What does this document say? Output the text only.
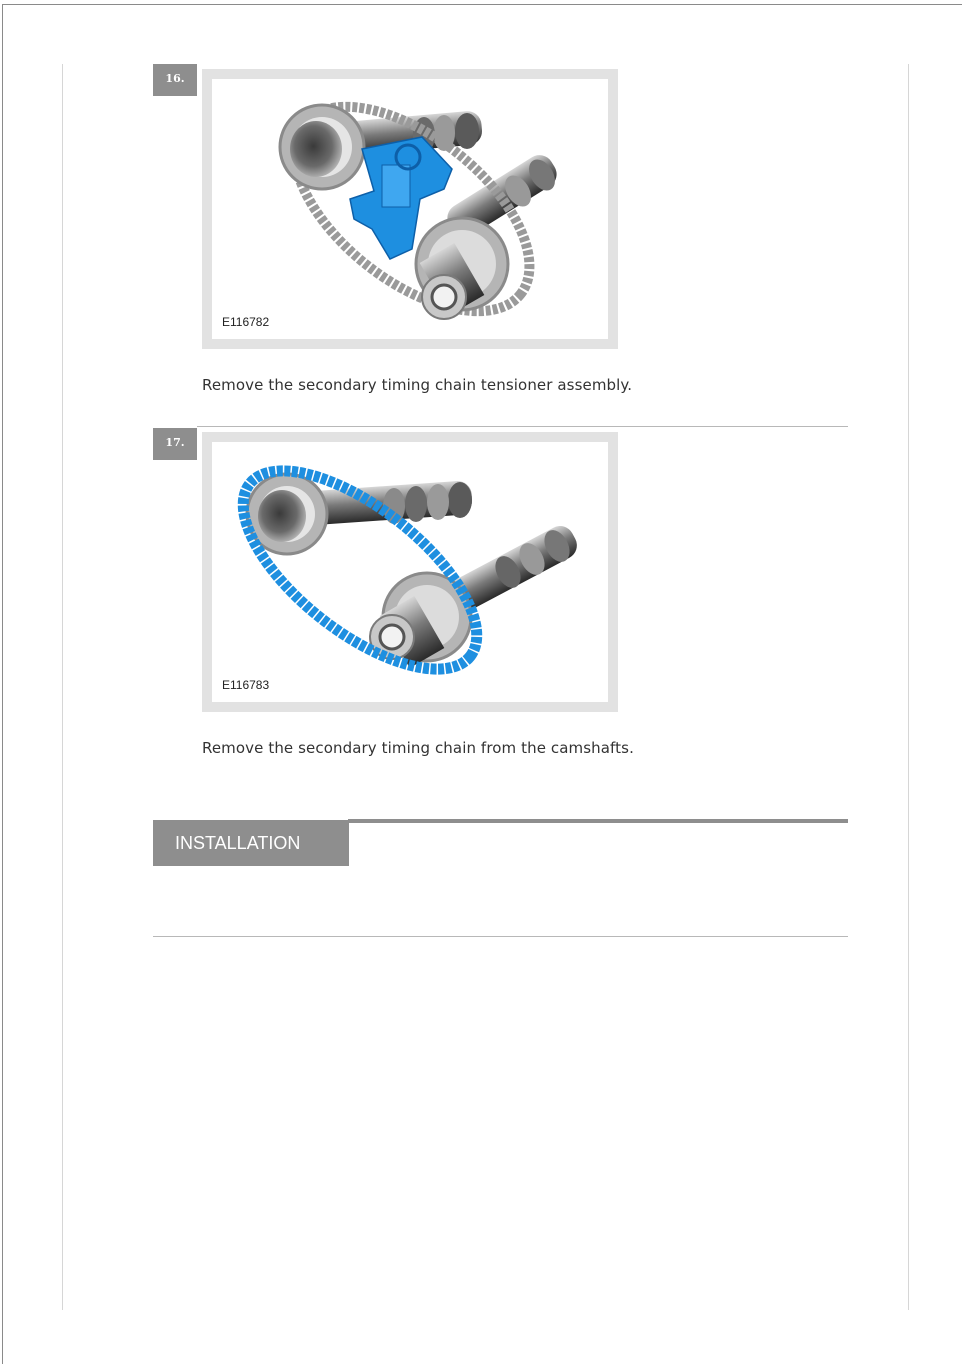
16.
E116782
Remove the secondary timing chain tensioner assembly.
17.
E116783
Remove the secondary timing chain from the camshafts.
INSTALLATION
